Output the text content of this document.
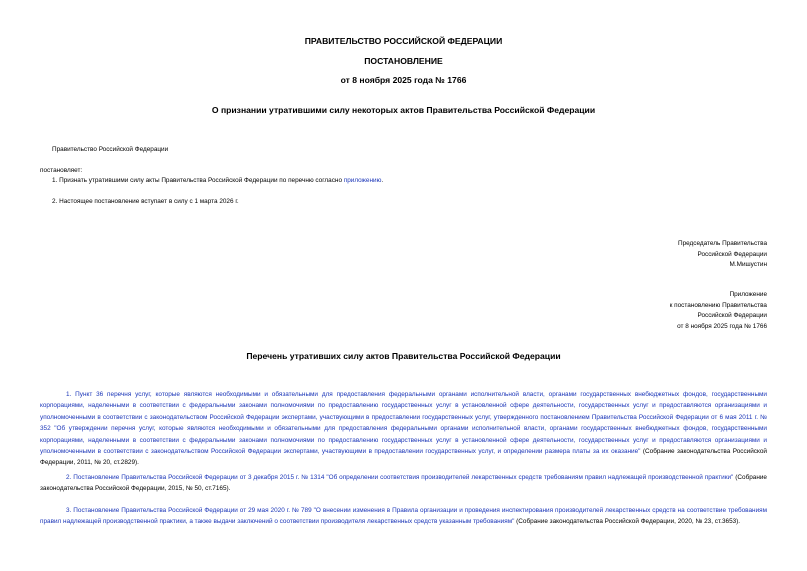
ПРАВИТЕЛЬСТВО РОССИЙСКОЙ ФЕДЕРАЦИИ
ПОСТАНОВЛЕНИЕ
от 8 ноября 2025 года № 1766
О признании утратившими силу некоторых актов Правительства Российской Федерации
Правительство Российской Федерации
постановляет:
1. Признать утратившими силу акты Правительства Российской Федерации по перечню согласно приложению.
2. Настоящее постановление вступает в силу с 1 марта 2026 г.
Председатель Правительства
Российской Федерации
М.Мишустин
Приложение
к постановлению Правительства
Российской Федерации
от 8 ноября 2025 года № 1766
Перечень утративших силу актов Правительства Российской Федерации
1. Пункт 36 перечня услуг, которые являются необходимыми и обязательными для предоставления федеральными органами исполнительной власти, органами государственных внебюджетных фондов, государственными корпорациями, наделенными в соответствии с федеральными законами полномочиями по предоставлению государственных услуг в установленной сфере деятельности, государственных услуг и предоставляются организациями и уполномоченными в соответствии с законодательством Российской Федерации экспертами, участвующими в предоставлении государственных услуг, утвержденного постановлением Правительства Российской Федерации от 6 мая 2011 г. № 352 "Об утверждении перечня услуг, которые являются необходимыми и обязательными для предоставления федеральными органами исполнительной власти, органами государственных внебюджетных фондов, государственными корпорациями, наделенными в соответствии с федеральными законами полномочиями по предоставлению государственных услуг в установленной сфере деятельности, государственных услуг и предоставляются организациями и уполномоченными в соответствии с законодательством Российской Федерации экспертами, участвующими в предоставлении государственных услуг, и определении размера платы за их оказание" (Собрание законодательства Российской Федерации, 2011, № 20, ст.2829).
2. Постановление Правительства Российской Федерации от 3 декабря 2015 г. № 1314 "Об определении соответствия производителей лекарственных средств требованиям правил надлежащей производственной практики" (Собрание законодательства Российской Федерации, 2015, № 50, ст.7165).
3. Постановление Правительства Российской Федерации от 29 мая 2020 г. № 789 "О внесении изменения в Правила организации и проведения инспектирования производителей лекарственных средств на соответствие требованиям правил надлежащей производственной практики, а также выдачи заключений о соответствии производителя лекарственных средств указанным требованиям" (Собрание законодательства Российской Федерации, 2020, № 23, ст.3653).
